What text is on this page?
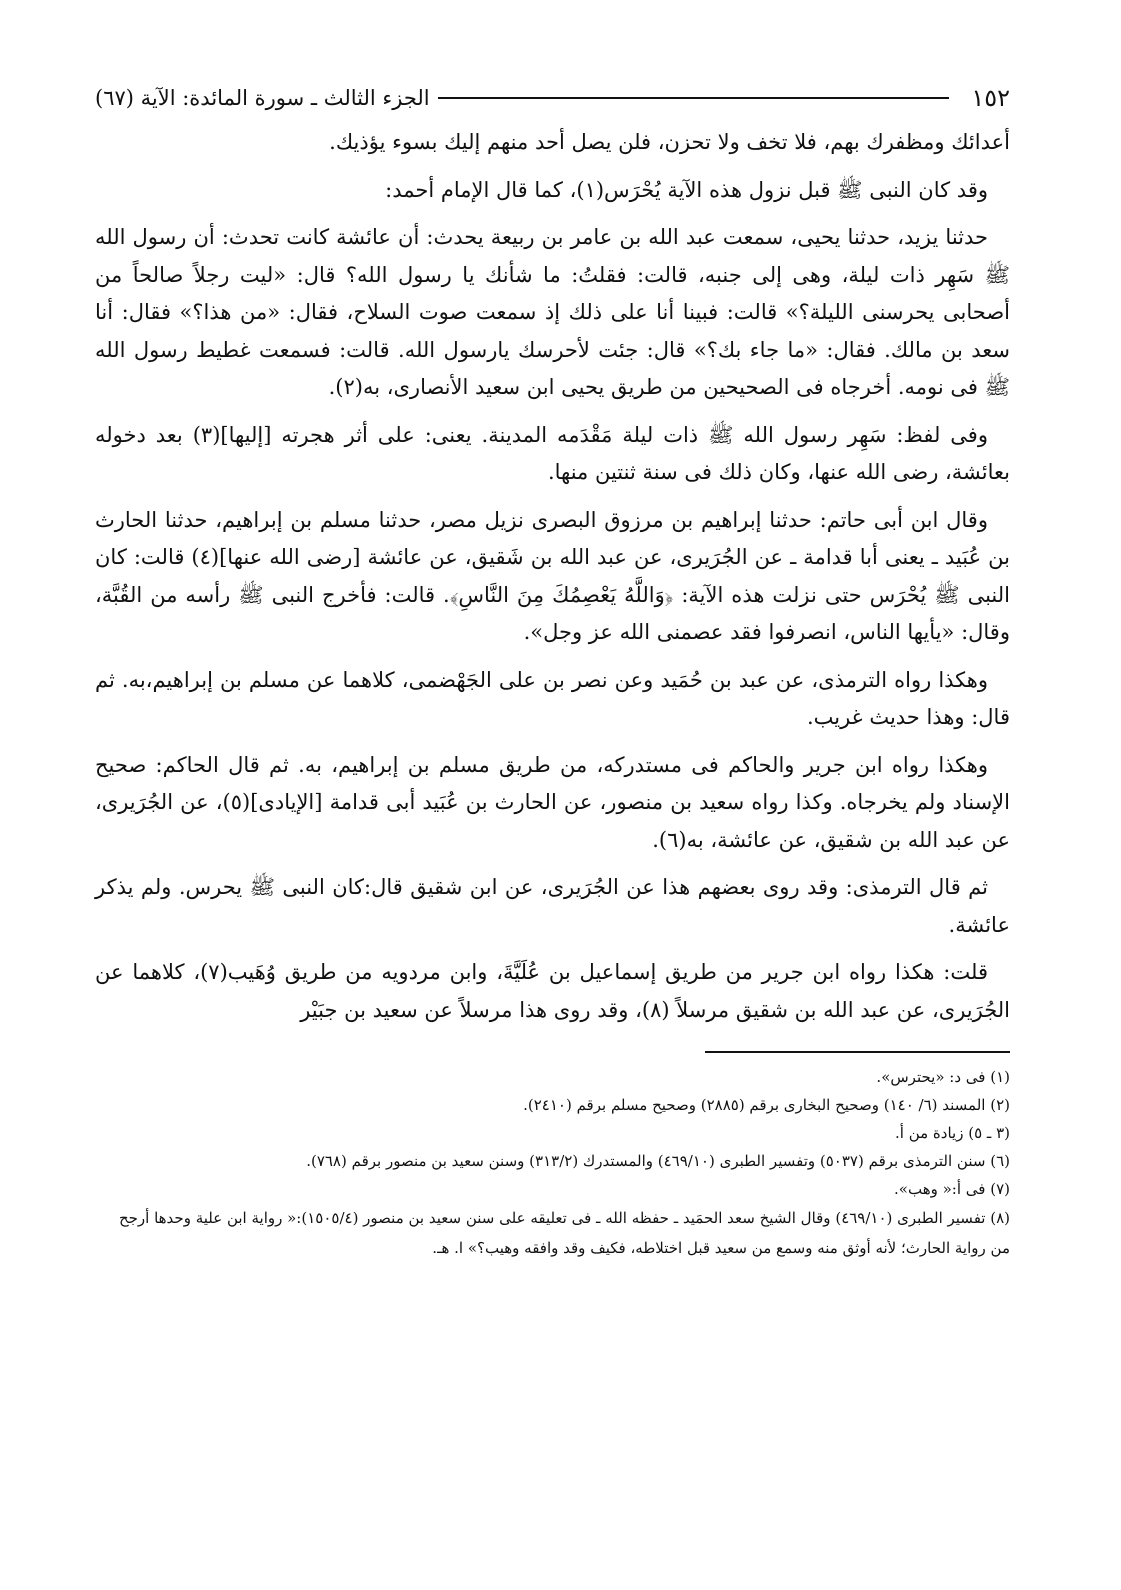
١٥٢
الجزء الثالث ـ سورة المائدة: الآية (٦٧)

أعدائك ومظفرك بهم، فلا تخف ولا تحزن، فلن يصل أحد منهم إليك بسوء يؤذيك.

وقد كان النبى ﷺ قبل نزول هذه الآية يُحْرَس(١)، كما قال الإمام أحمد:

حدثنا يزيد، حدثنا يحيى، سمعت عبد الله بن عامر بن ربيعة يحدث: أن عائشة كانت تحدث: أن رسول الله ﷺ سَهِر ذات ليلة، وهى إلى جنبه، قالت: فقلتُ: ما شأنك يا رسول الله؟ قال: «ليت رجلاً صالحاً من أصحابى يحرسنى الليلة؟» قالت: فبينا أنا على ذلك إذ سمعت صوت السلاح، فقال: «من هذا؟» فقال: أنا سعد بن مالك. فقال: «ما جاء بك؟» قال: جئت لأحرسك يارسول الله. قالت: فسمعت غطيط رسول الله ﷺ فى نومه. أخرجاه فى الصحيحين من طريق يحيى ابن سعيد الأنصارى، به(٢).

وفى لفظ: سَهِر رسول الله ﷺ ذات ليلة مَقْدَمه المدينة. يعنى: على أثر هجرته [إليها](٣) بعد دخوله بعائشة، رضى الله عنها، وكان ذلك فى سنة ثنتين منها.

وقال ابن أبى حاتم: حدثنا إبراهيم بن مرزوق البصرى نزيل مصر، حدثنا مسلم بن إبراهيم، حدثنا الحارث بن عُبَيد ـ يعنى أبا قدامة ـ عن الجُرَيرى، عن عبد الله بن شَقيق، عن عائشة [رضى الله عنها](٤) قالت: كان النبى ﷺ يُحْرَس حتى نزلت هذه الآية: ﴿وَاللَّهُ يَعْصِمُكَ مِنَ النَّاسِ﴾. قالت: فأخرج النبى ﷺ رأسه من القُبَّة، وقال: «يأيها الناس، انصرفوا فقد عصمنى الله عز وجل».

وهكذا رواه الترمذى، عن عبد بن حُمَيد وعن نصر بن على الجَهْضمى، كلاهما عن مسلم بن إبراهيم،به. ثم قال: وهذا حديث غريب.

وهكذا رواه ابن جرير والحاكم فى مستدركه، من طريق مسلم بن إبراهيم، به. ثم قال الحاكم: صحيح الإسناد ولم يخرجاه. وكذا رواه سعيد بن منصور، عن الحارث بن عُبَيد أبى قدامة [الإيادى](٥)، عن الجُرَيرى، عن عبد الله بن شقيق، عن عائشة، به(٦).

ثم قال الترمذى: وقد روى بعضهم هذا عن الجُرَيرى، عن ابن شقيق قال:كان النبى ﷺ يحرس. ولم يذكر عائشة.

قلت: هكذا رواه ابن جرير من طريق إسماعيل بن عُلَيَّةَ، وابن مردويه من طريق وُهَيب(٧)، كلاهما عن الجُرَيرى، عن عبد الله بن شقيق مرسلاً (٨)، وقد روى هذا مرسلاً عن سعيد بن جبَيْر

(١) فى د: «يحترس».
(٢) المسند (٦/ ١٤٠) وصحيح البخارى برقم (٢٨٨٥) وصحيح مسلم برقم (٢٤١٠).
(٣ ـ ٥) زيادة من أ.
(٦) سنن الترمذى برقم (٥٠٣٧) وتفسير الطبرى (٤٦٩/١٠) والمستدرك (٣١٣/٢) وسنن سعيد بن منصور برقم (٧٦٨).
(٧) فى أ:« وهب».
(٨) تفسير الطبرى (٤٦٩/١٠) وقال الشيخ سعد الحمَيد ـ حفظه الله ـ فى تعليقه على سنن سعيد بن منصور (١٥٠٥/٤):« رواية ابن علية وحدها أرجح من رواية الحارث؛ لأنه أوثق منه وسمع من سعيد قبل اختلاطه، فكيف وقد وافقه وهيب؟» ا. هـ.
